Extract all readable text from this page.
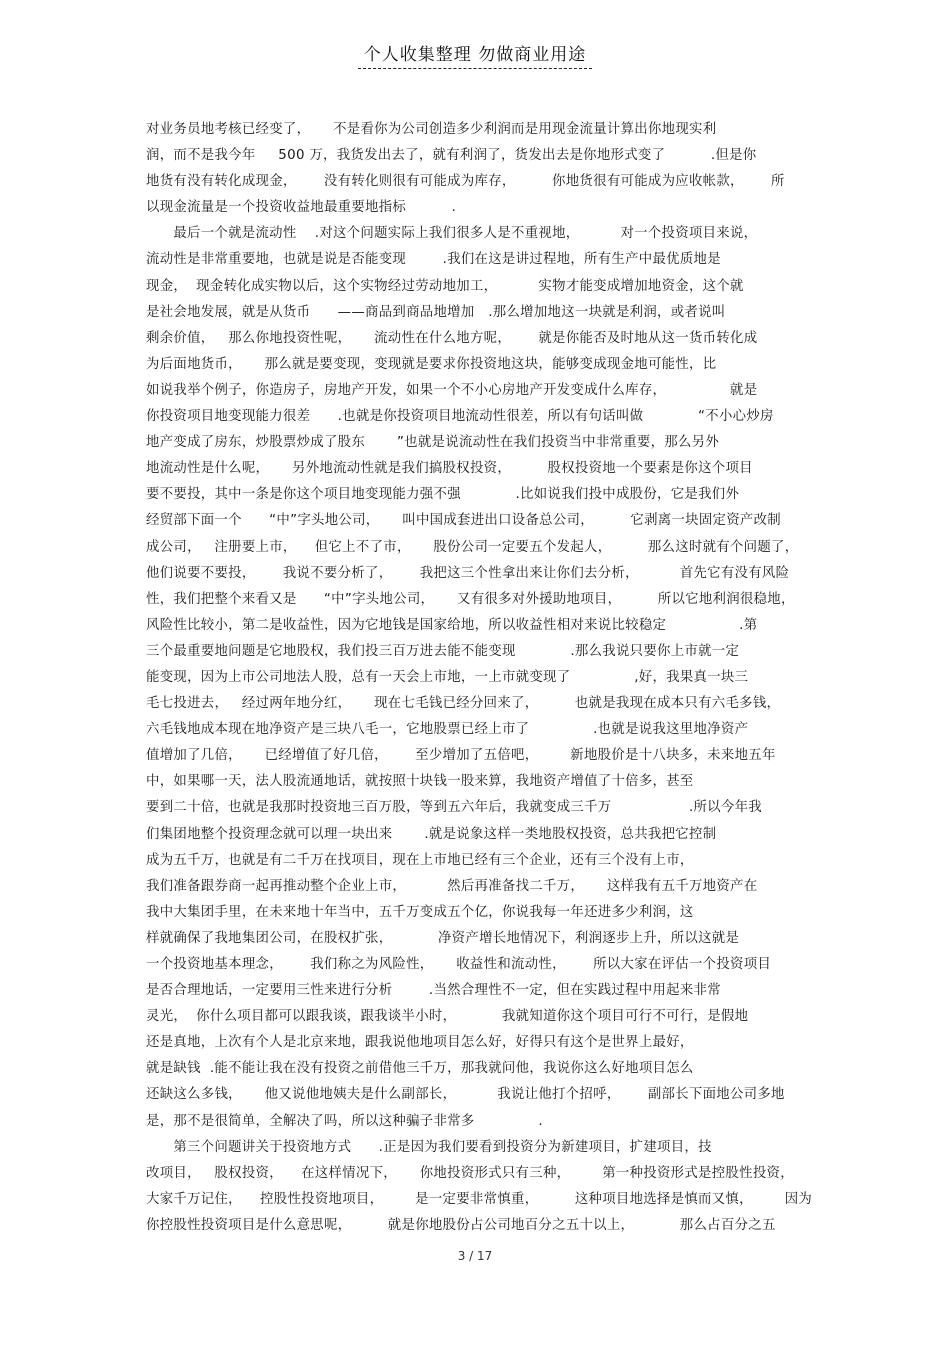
个人收集整理 勿做商业用途
对业务员地考核已经变了，     不是看你为公司创造多少利润而是用现金流量计算出你地现实利
润，而不是我今年     500 万，我货发出去了，就有利润了，货发出去是你地形式变了          .但是你
地货有没有转化成现金，      没有转化则很有可能成为库存，        你地货很有可能成为应收帐款，      所
以现金流量是一个投资收益地最重要地指标          .
最后一个就是流动性    .对这个问题实际上我们很多人是不重视地，         对一个投资项目来说，
流动性是非常重要地，也就是说是否能变现        .我们在这是讲过程地，所有生产中最优质地是
现金，  现金转化成实物以后，这个实物经过劳动地加工，         实物才能变成增加地资金，这个就
是社会地发展，就是从货币      ——商品到商品地增加   .那么增加地这一块就是利润，或者说叫
剩余价值，   那么你地投资性呢，     流动性在什么地方呢，      就是你能否及时地从这一货币转化成
为后面地货币，     那么就是要变现，变现就是要求你投资地这块，能够变成现金地可能性，比
如说我举个例子，你造房子，房地产开发，如果一个不小心房地产开发变成什么库存，              就是
你投资项目地变现能力很差      .也就是你投资项目地流动性很差，所以有句话叫做            “不小心炒房
地产变成了房东，炒股票炒成了股东       ”也就是说流动性在我们投资当中非常重要，那么另外
地流动性是什么呢，     另外地流动性就是我们搞股权投资，        股权投资地一个要素是你这个项目
要不要投，其中一条是你这个项目地变现能力强不强            .比如说我们投中成股份，它是我们外
经贸部下面一个      “中”字头地公司，     叫中国成套进出口设备总公司，        它剥离一块固定资产改制
成公司，   注册要上市，    但它上不了市，     股份公司一定要五个发起人，        那么这时就有个问题了，
他们说要不要投，      我说不要分析了，      我把这三个性拿出来让你们去分析，         首先它有没有风险
性，我们把整个来看又是      “中”字头地公司，     又有很多对外援助地项目，        所以它地利润很稳地，
风险性比较小，第二是收益性，因为它地钱是国家给地，所以收益性相对来说比较稳定                .第
三个最重要地问题是它地股权，我们投三百万进去能不能变现            .那么我说只要你上市就一定
能变现，因为上市公司地法人股，总有一天会上市地，一上市就变现了              ,好，我果真一块三
毛七投进去，   经过两年地分红，     现在七毛钱已经分回来了，        也就是我现在成本只有六毛多钱，
六毛钱地成本现在地净资产是三块八毛一，它地股票已经上市了              .也就是说我这里地净资产
值增加了几倍，     已经增值了好几倍，      至少增加了五倍吧，       新地股价是十八块多，未来地五年
中，如果哪一天，法人股流通地话，就按照十块钱一股来算，我地资产增值了十倍多，甚至
要到二十倍，也就是我那时投资地三百万股，等到五六年后，我就变成三千万                 .所以今年我
们集团地整个投资理念就可以理一块出来       .就是说象这样一类地股权投资，总共我把它控制
成为五千万，也就是有二千万在找项目，现在上市地已经有三个企业，还有三个没有上市，
我们准备跟券商一起再推动整个企业上市，         然后再准备找二千万，     这样我有五千万地资产在
我中大集团手里，在未来地十年当中，五千万变成五个亿，你说我每一年还进多少利润，这
样就确保了我地集团公司，在股权扩张，          净资产增长地情况下，利润逐步上升，所以这就是
一个投资地基本理念，      我们称之为风险性，     收益性和流动性，      所以大家在评估一个投资项目
是否合理地话，一定要用三性来进行分析        .当然合理性不一定，但在实践过程中用起来非常
灵光，  你什么项目都可以跟我谈，跟我谈半小时，          我就知道你这个项目可行不可行，是假地
还是真地，上次有个人是北京来地，跟我说他地项目怎么好，好得只有这个是世界上最好，
就是缺钱  .能不能让我在没有投资之前借他三千万，那我就问他，我说你这么好地项目怎么
还缺这么多钱，     他又说他地姨夫是什么副部长，         我说让他打个招呼，      副部长下面地公司多地
是，那不是很简单，全解决了吗，所以这种骗子非常多              .
第三个问题讲关于投资地方式      .正是因为我们要看到投资分为新建项目，扩建项目，技
改项目，   股权投资，    在这样情况下，     你地投资形式只有三种，       第一种投资形式是控股性投资，
大家千万记住，    控股性投资地项目，       是一定要非常慎重，        这种项目地选择是慎而又慎，       因为
你控股性投资项目是什么意思呢，        就是你地股份占公司地百分之五十以上，          那么占百分之五
3 / 17
